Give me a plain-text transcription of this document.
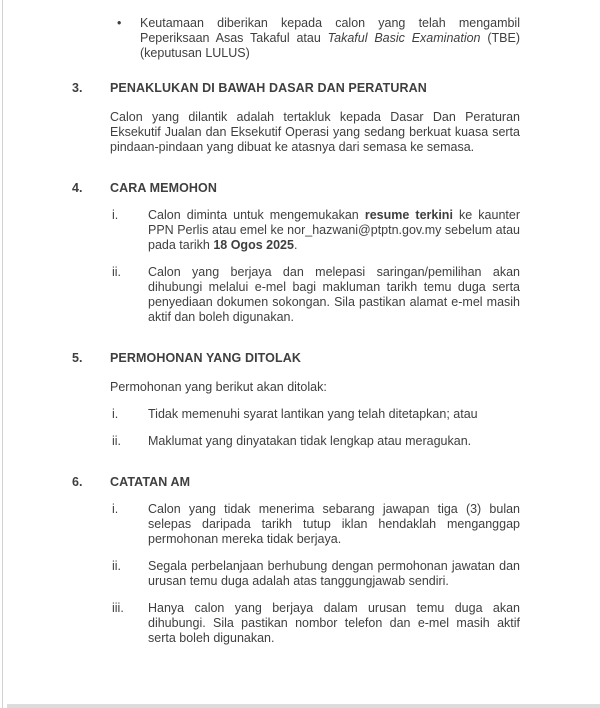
•	Keutamaan diberikan kepada calon yang telah mengambil Peperiksaan Asas Takaful atau Takaful Basic Examination (TBE) (keputusan LULUS)
3.	PENAKLUKAN DI BAWAH DASAR DAN PERATURAN
Calon yang dilantik adalah tertakluk kepada Dasar Dan Peraturan Eksekutif Jualan dan Eksekutif Operasi yang sedang berkuat kuasa serta pindaan-pindaan yang dibuat ke atasnya dari semasa ke semasa.
4.	CARA MEMOHON
i.	Calon diminta untuk mengemukakan resume terkini ke kaunter PPN Perlis atau emel ke nor_hazwani@ptptn.gov.my sebelum atau pada tarikh 18 Ogos 2025.
ii.	Calon yang berjaya dan melepasi saringan/pemilihan akan dihubungi melalui e-mel bagi makluman tarikh temu duga serta penyediaan dokumen sokongan. Sila pastikan alamat e-mel masih aktif dan boleh digunakan.
5.	PERMOHONAN YANG DITOLAK
Permohonan yang berikut akan ditolak:
i.	Tidak memenuhi syarat lantikan yang telah ditetapkan; atau
ii.	Maklumat yang dinyatakan tidak lengkap atau meragukan.
6.	CATATAN AM
i.	Calon yang tidak menerima sebarang jawapan tiga (3) bulan selepas daripada tarikh tutup iklan hendaklah menganggap permohonan mereka tidak berjaya.
ii.	Segala perbelanjaan berhubung dengan permohonan jawatan dan urusan temu duga adalah atas tanggungjawab sendiri.
iii.	Hanya calon yang berjaya dalam urusan temu duga akan dihubungi. Sila pastikan nombor telefon dan e-mel masih aktif serta boleh digunakan.
